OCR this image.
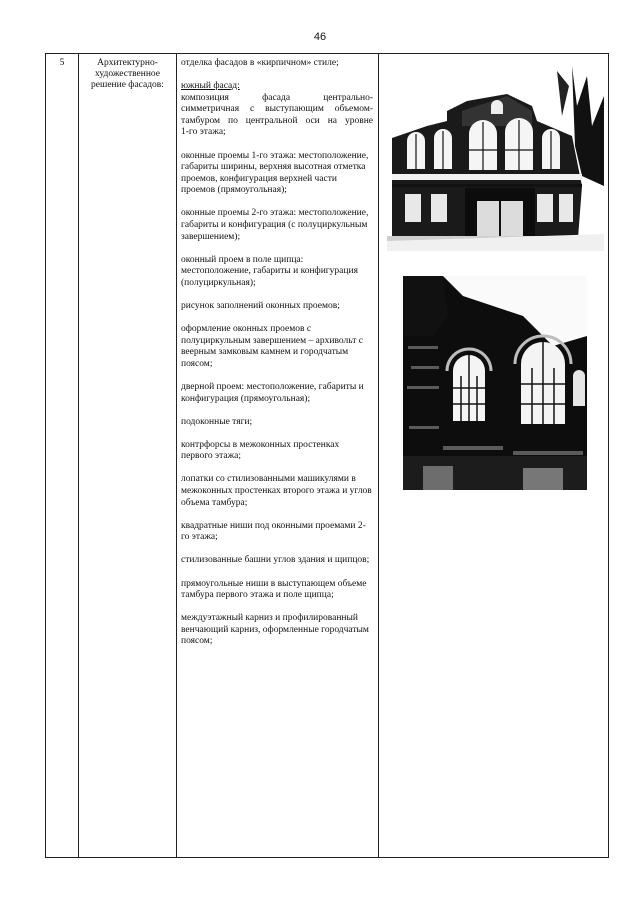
46
5	Архитектурно-художественное решение фасадов:
отделка фасадов в «кирпичном» стиле;
южный фасад:
композиция фасада центрально-
симметричная с выступающим объемом-
тамбуром по центральной оси на уровне
1-го этажа;
оконные проемы 1-го этажа: местоположение, габариты ширины, верхняя высотная отметка проемов, конфигурация верхней части проемов (прямоугольная);
оконные проемы 2-го этажа: местоположение, габариты и конфигурация (с полуциркульным завершением);
оконный проем в поле щипца: местоположение, габариты и конфигурация (полуциркульная);
рисунок заполнений оконных проемов;
оформление оконных проемов с полуциркульным завершением – архивольт с веерным замковым камнем и городчатым поясом;
дверной проем: местоположение, габариты и конфигурация (прямоугольная);
подоконные тяги;
контрфорсы в межоконных простенках первого этажа;
лопатки со стилизованными машикулями в межоконных простенках второго этажа и углов объема тамбура;
квадратные ниши под оконными проемами 2-го этажа;
стилизованные башни углов здания и щипцов;
прямоугольные ниши в выступающем объеме тамбура первого этажа и поле щипца;
междуэтажный карниз и профилированный венчающий карниз, оформленные городчатым поясом;
